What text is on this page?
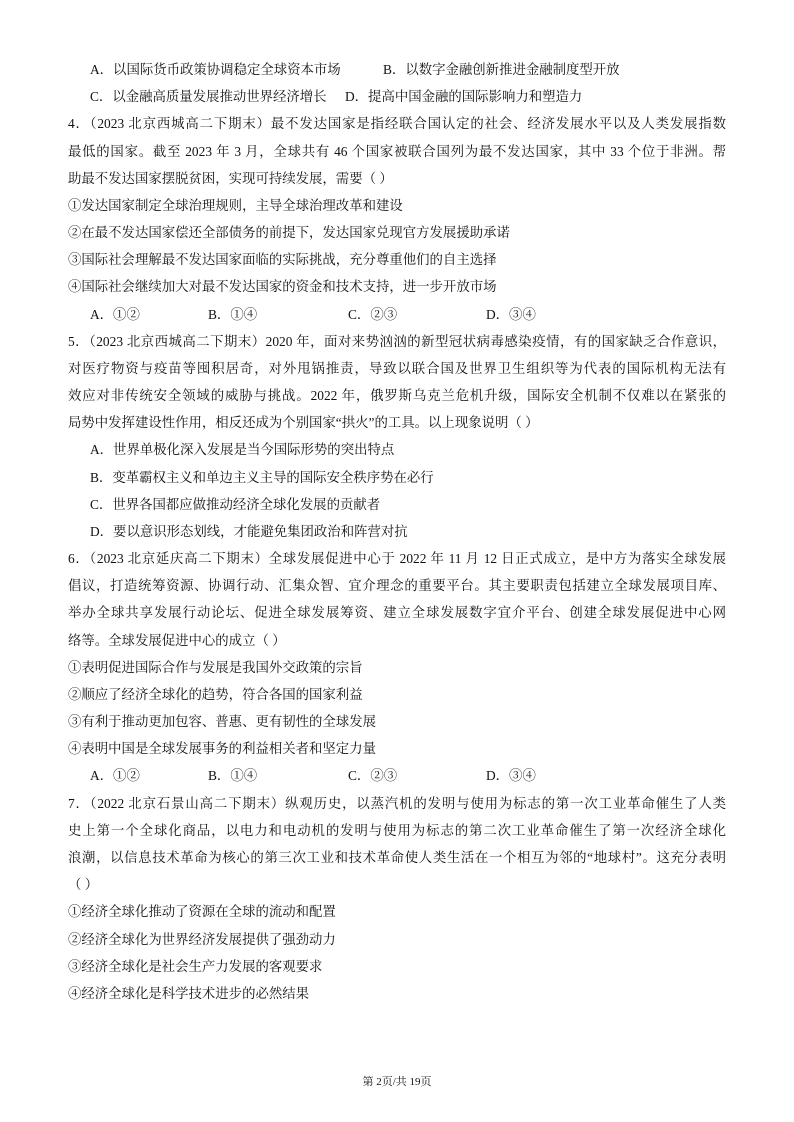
A．以国际货币政策协调稳定全球资本市场	B．以数字金融创新推进金融制度型开放
C．以金融高质量发展推动世界经济增长 D．提高中国金融的国际影响力和塑造力
4．（2023 北京西城高二下期末）最不发达国家是指经联合国认定的社会、经济发展水平以及人类发展指数
最低的国家。截至 2023 年 3 月，全球共有 46 个国家被联合国列为最不发达国家，其中 33 个位于非洲。帮
助最不发达国家摆脱贫困，实现可持续发展，需要（ ）
①发达国家制定全球治理规则，主导全球治理改革和建设
②在最不发达国家偿还全部债务的前提下，发达国家兑现官方发展援助承诺
③国际社会理解最不发达国家面临的实际挑战，充分尊重他们的自主选择
④国际社会继续加大对最不发达国家的资金和技术支持，进一步开放市场
A．①②	B．①④	C．②③	D．③④
5．（2023 北京西城高二下期末）2020 年，面对来势汹汹的新型冠状病毒感染疫情，有的国家缺乏合作意识，
对医疗物资与疫苗等囤积居奇，对外甩锅推责，导致以联合国及世界卫生组织等为代表的国际机构无法有
效应对非传统安全领域的威胁与挑战。2022 年，俄罗斯乌克兰危机升级，国际安全机制不仅难以在紧张的
局势中发挥建设性作用，相反还成为个别国家“拱火”的工具。以上现象说明（ ）
A．世界单极化深入发展是当今国际形势的突出特点
B．变革霸权主义和单边主义主导的国际安全秩序势在必行
C．世界各国都应做推动经济全球化发展的贡献者
D．要以意识形态划线，才能避免集团政治和阵营对抗
6．（2023 北京延庆高二下期末）全球发展促进中心于 2022 年 11 月 12 日正式成立，是中方为落实全球发展
倡议，打造统筹资源、协调行动、汇集众智、宜介理念的重要平台。其主要职责包括建立全球发展项目库、
举办全球共享发展行动论坛、促进全球发展筹资、建立全球发展数字宜介平台、创建全球发展促进中心网
络等。全球发展促进中心的成立（ ）
①表明促进国际合作与发展是我国外交政策的宗旨
②顺应了经济全球化的趋势，符合各国的国家利益
③有利于推动更加包容、普惠、更有韧性的全球发展
④表明中国是全球发展事务的利益相关者和坚定力量
A．①②	B．①④	C．②③	D．③④
7．（2022 北京石景山高二下期末）纵观历史，以蒸汽机的发明与使用为标志的第一次工业革命催生了人类
史上第一个全球化商品，以电力和电动机的发明与使用为标志的第二次工业革命催生了第一次经济全球化
浪潮，以信息技术革命为核心的第三次工业和技术革命使人类生活在一个相互为邻的“地球村”。这充分表明
（ ）
①经济全球化推动了资源在全球的流动和配置
②经济全球化为世界经济发展提供了强劲动力
③经济全球化是社会生产力发展的客观要求
④经济全球化是科学技术进步的必然结果
第 2页/共 19页
